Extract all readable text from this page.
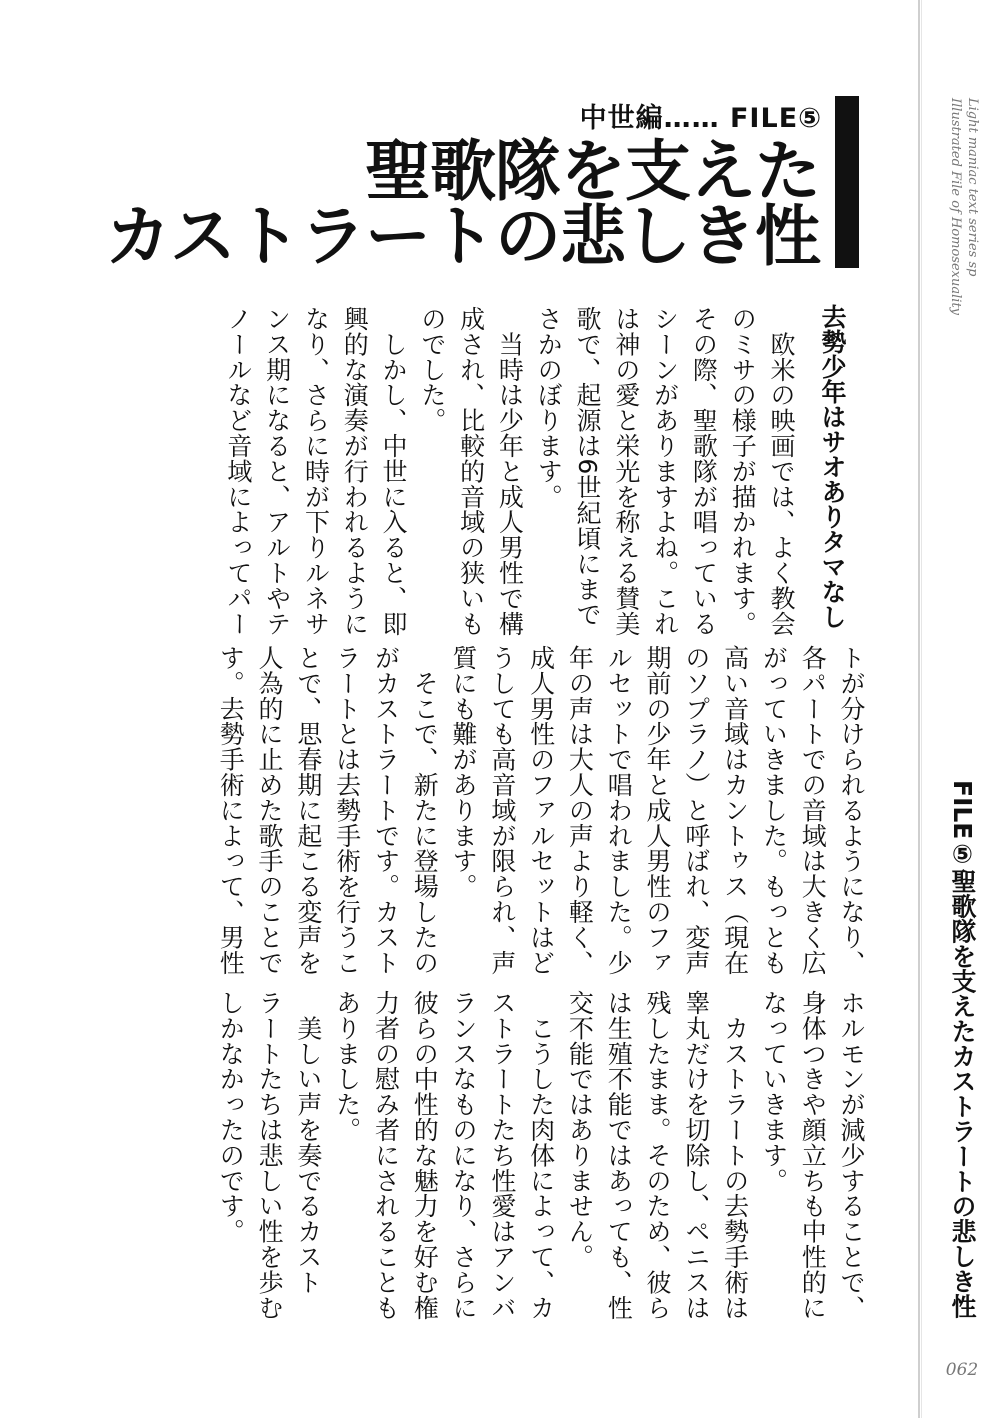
中世編…… FILE⑤
聖歌隊を支えた
カストラートの悲しき性
去勢少年はサオありタマなし
　欧米の映画では、よく教会
のミサの様子が描かれます。
その際、聖歌隊が唱っている
シーンがありますよね。これ
は神の愛と栄光を称える賛美
歌で、起源は6世紀頃にまで
さかのぼります。
　当時は少年と成人男性で構
成され、比較的音域の狭いも
のでした。
　しかし、中世に入ると、即
興的な演奏が行われるように
なり、さらに時が下りルネサ
ンス期になると、アルトやテ
ノールなど音域によってパー
トが分けられるようになり、
各パートでの音域は大きく広
がっていきました。もっとも
高い音域はカントゥス（現在
のソプラノ）と呼ばれ、変声
期前の少年と成人男性のファ
ルセットで唱われました。少
年の声は大人の声より軽く、
成人男性のファルセットはど
うしても高音域が限られ、声
質にも難があります。
　そこで、新たに登場したの
がカストラートです。カスト
ラートとは去勢手術を行うこ
とで、思春期に起こる変声を
人為的に止めた歌手のことで
す。去勢手術によって、男性
ホルモンが減少することで、
身体つきや顔立ちも中性的に
なっていきます。
　カストラートの去勢手術は
睾丸だけを切除し、ペニスは
残したまま。そのため、彼ら
は生殖不能ではあっても、性
交不能ではありません。
　こうした肉体によって、カ
ストラートたち性愛はアンバ
ランスなものになり、さらに
彼らの中性的な魅力を好む権
力者の慰み者にされることも
ありました。
　美しい声を奏でるカスト
ラートたちは悲しい性を歩む
しかなかったのです。
Light maniac text series sp
Illustrated File of Homosexuality
FILE⑤聖歌隊を支えたカストラートの悲しき性
062
